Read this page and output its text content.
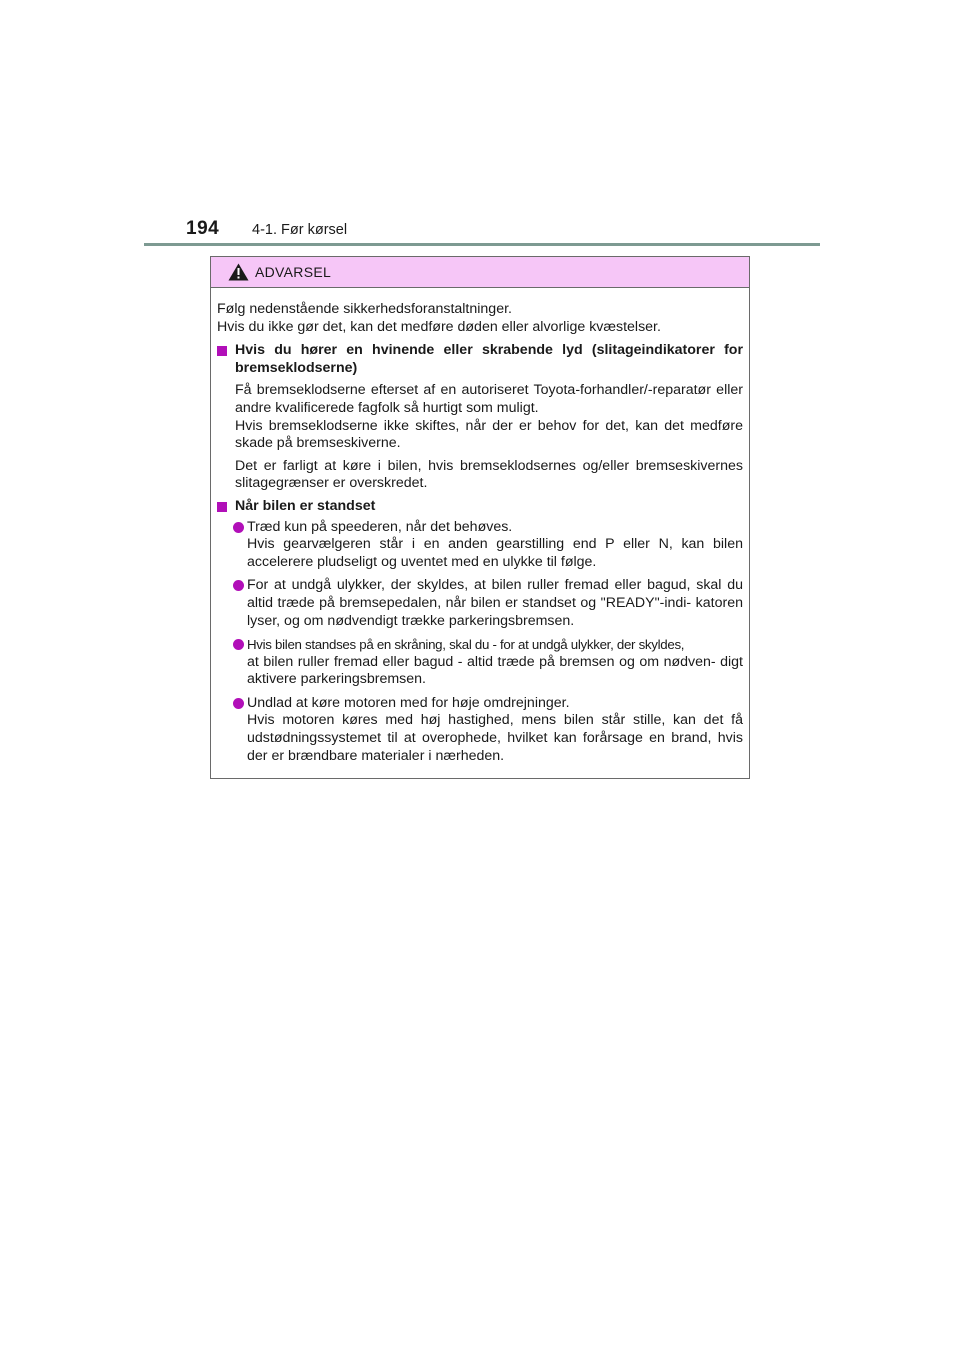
194 4-1. Før kørsel
ADVARSEL

Følg nedenstående sikkerhedsforanstaltninger.

Hvis du ikke gør det, kan det medføre døden eller alvorlige kvæstelser.

Hvis du hører en hvinende eller skrabende lyd (slitageindikatorer for bremseklodserne)

Få bremseklodserne efterset af en autoriseret Toyota-forhandler/-reparatør eller andre kvalificerede fagfolk så hurtigt som muligt.

Hvis bremseklodserne ikke skiftes, når der er behov for det, kan det medføre skade på bremseskiverne.

Det er farligt at køre i bilen, hvis bremseklodsernes og/eller bremseskivernes slitagegrænser er overskredet.

Når bilen er standset

Træd kun på speederen, når det behøves.

Hvis gearvælgeren står i en anden gearstilling end P eller N, kan bilen accelerere pludseligt og uventet med en ulykke til følge.

For at undgå ulykker, der skyldes, at bilen ruller fremad eller bagud, skal du altid træde på bremsepedalen, når bilen er standset og "READY"-indi- katoren lyser, og om nødvendigt trække parkeringsbremsen.

Hvis bilen standses på en skråning, skal du - for at undgå ulykker, der skyldes,

at bilen ruller fremad eller bagud - altid træde på bremsen og om nødven- digt aktivere parkeringsbremsen.

Undlad at køre motoren med for høje omdrejninger.

Hvis motoren køres med høj hastighed, mens bilen står stille, kan det få udstødningssystemet til at overophede, hvilket kan forårsage en brand, hvis der er brændbare materialer i nærheden.
